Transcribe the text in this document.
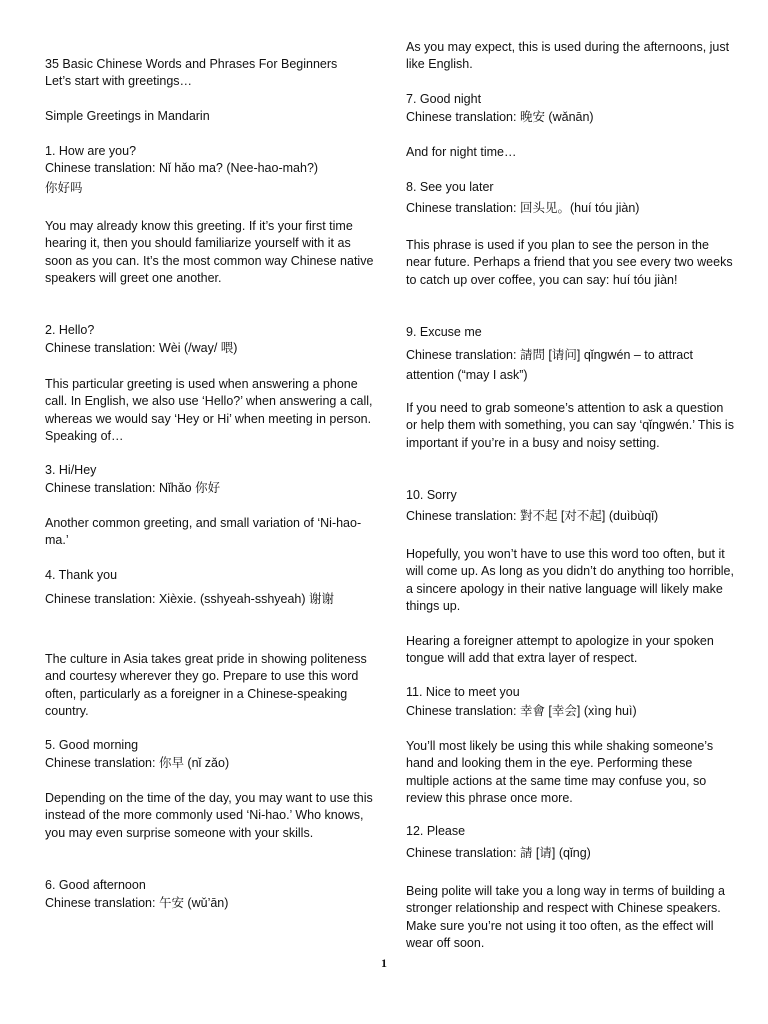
35 Basic Chinese Words and Phrases For Beginners

Let’s start with greetings…

Simple Greetings in Mandarin

1. How are you?

Chinese translation: Nǐ hǎo ma? (Nee-hao-mah?)

你好吗

You may already know this greeting. If it’s your first time hearing it, then you should familiarize yourself with it as soon as you can. It’s the most common way Chinese native speakers will greet one another.

2. Hello?

Chinese translation: Wèi (/way/ 喂)

This particular greeting is used when answering a phone call. In English, we also use ‘Hello?’ when answering a call, whereas we would say ‘Hey or Hi’ when meeting in person. Speaking of…

3. Hi/Hey

Chinese translation: Nǐhǎo 你好

Another common greeting, and small variation of ‘Ni-hao-ma.’

4. Thank you

Chinese translation: Xièxie. (sshyeah-sshyeah) 谢谢

The culture in Asia takes great pride in showing politeness and courtesy wherever they go. Prepare to use this word often, particularly as a foreigner in a Chinese-speaking country.

5. Good morning

Chinese translation: 你早 (nǐ zǎo)

Depending on the time of the day, you may want to use this instead of the more commonly used ‘Ni-hao.’ Who knows, you may even surprise someone with your skills.

6. Good afternoon

Chinese translation: 午安 (wǔ’ān)

As you may expect, this is used during the afternoons, just like English.

7. Good night

Chinese translation: 晚安 (wǎnān)

And for night time…

8. See you later

Chinese translation: 回头见。(huí tóu jiàn)

This phrase is used if you plan to see the person in the near future. Perhaps a friend that you see every two weeks to catch up over coffee, you can say: huí tóu jiàn!

9. Excuse me

Chinese translation: 請問 [请问] qǐngwén – to attract attention (“may I ask”)

If you need to grab someone’s attention to ask a question or help them with something, you can say ‘qǐngwén.’ This is important if you’re in a busy and noisy setting.

10. Sorry

Chinese translation: 對不起 [对不起] (duìbùqǐ)

Hopefully, you won’t have to use this word too often, but it will come up. As long as you didn’t do anything too horrible, a sincere apology in their native language will likely make things up.

Hearing a foreigner attempt to apologize in your spoken tongue will add that extra layer of respect.

11. Nice to meet you

Chinese translation: 幸會 [幸会] (xìng huì)

You’ll most likely be using this while shaking someone’s hand and looking them in the eye. Performing these multiple actions at the same time may confuse you, so review this phrase once more.

12. Please

Chinese translation: 請 [请] (qǐng)

Being polite will take you a long way in terms of building a stronger relationship and respect with Chinese speakers. Make sure you’re not using it too often, as the effect will wear off soon.

1
